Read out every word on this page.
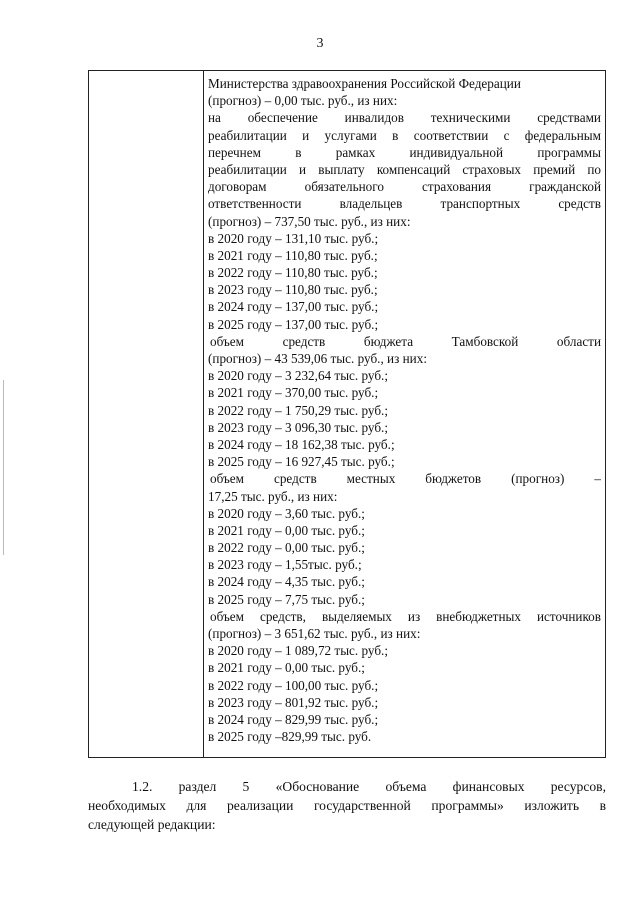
3
Министерства здравоохранения Российской Федерации
(прогноз) – 0,00 тыс. руб., из них:
на обеспечение инвалидов техническими средствами
реабилитации и услугами в соответствии с федеральным
перечнем в рамках индивидуальной программы
реабилитации и выплату компенсаций страховых премий по
договорам обязательного страхования гражданской
ответственности владельцев транспортных средств
(прогноз) – 737,50 тыс. руб., из них:
в 2020 году – 131,10 тыс. руб.;
в 2021 году – 110,80 тыс. руб.;
в 2022 году – 110,80 тыс. руб.;
в 2023 году – 110,80 тыс. руб.;
в 2024 году – 137,00 тыс. руб.;
в 2025 году – 137,00 тыс. руб.;
объем средств бюджета Тамбовской области
(прогноз) – 43 539,06 тыс. руб., из них:
в 2020 году – 3 232,64 тыс. руб.;
в 2021 году – 370,00 тыс. руб.;
в 2022 году – 1 750,29 тыс. руб.;
в 2023 году – 3 096,30 тыс. руб.;
в 2024 году – 18 162,38 тыс. руб.;
в 2025 году – 16 927,45 тыс. руб.;
объем средств местных бюджетов (прогноз) –
17,25 тыс. руб., из них:
в 2020 году – 3,60 тыс. руб.;
в 2021 году – 0,00 тыс. руб.;
в 2022 году – 0,00 тыс. руб.;
в 2023 году – 1,55тыс. руб.;
в 2024 году – 4,35 тыс. руб.;
в 2025 году – 7,75 тыс. руб.;
объем средств, выделяемых из внебюджетных источников
(прогноз) – 3 651,62 тыс. руб., из них:
в 2020 году – 1 089,72 тыс. руб.;
в 2021 году – 0,00 тыс. руб.;
в 2022 году – 100,00 тыс. руб.;
в 2023 году – 801,92 тыс. руб.;
в 2024 году – 829,99 тыс. руб.;
в 2025 году –829,99 тыс. руб.
1.2. раздел 5 «Обоснование объема финансовых ресурсов,
необходимых для реализации государственной программы» изложить в
следующей редакции:
